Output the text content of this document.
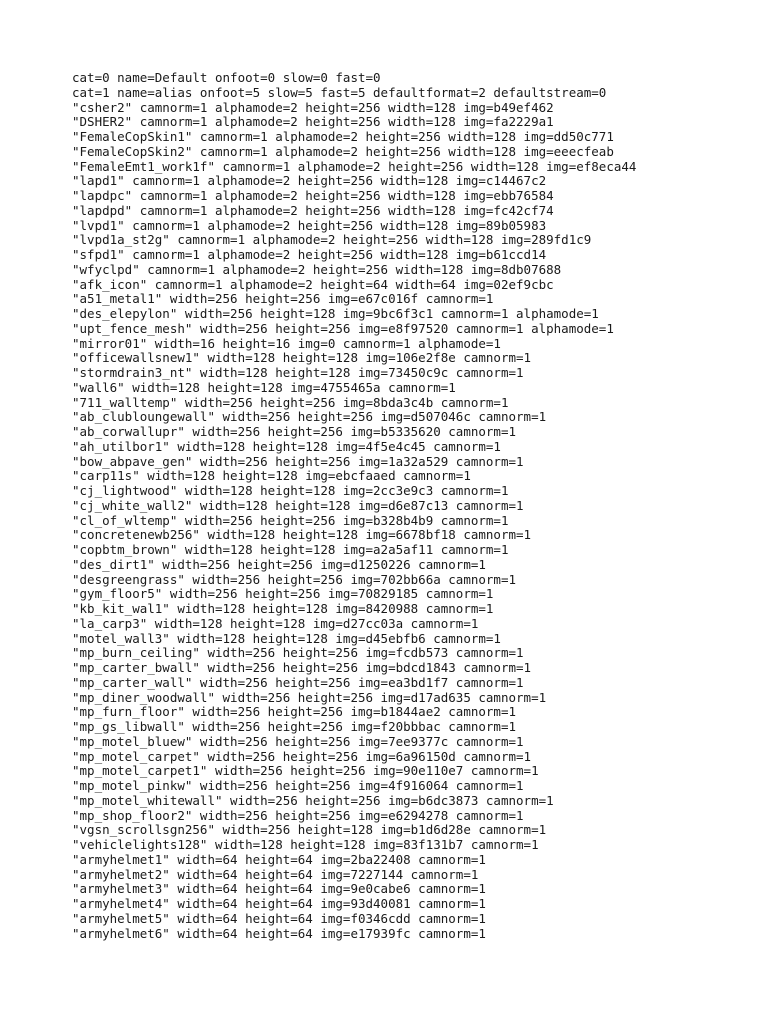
cat=0 name=Default onfoot=0 slow=0 fast=0
cat=1 name=alias onfoot=5 slow=5 fast=5 defaultformat=2 defaultstream=0
"csher2" camnorm=1 alphamode=2 height=256 width=128 img=b49ef462
"DSHER2" camnorm=1 alphamode=2 height=256 width=128 img=fa2229a1
"FemaleCopSkin1" camnorm=1 alphamode=2 height=256 width=128 img=dd50c771
"FemaleCopSkin2" camnorm=1 alphamode=2 height=256 width=128 img=eeecfeab
"FemaleEmt1_work1f" camnorm=1 alphamode=2 height=256 width=128 img=ef8eca44
"lapd1" camnorm=1 alphamode=2 height=256 width=128 img=c14467c2
"lapdpc" camnorm=1 alphamode=2 height=256 width=128 img=ebb76584
"lapdpd" camnorm=1 alphamode=2 height=256 width=128 img=fc42cf74
"lvpd1" camnorm=1 alphamode=2 height=256 width=128 img=89b05983
"lvpd1a_st2g" camnorm=1 alphamode=2 height=256 width=128 img=289fd1c9
"sfpd1" camnorm=1 alphamode=2 height=256 width=128 img=b61ccd14
"wfyclpd" camnorm=1 alphamode=2 height=256 width=128 img=8db07688
"afk_icon" camnorm=1 alphamode=2 height=64 width=64 img=02ef9cbc
"a51_metal1" width=256 height=256 img=e67c016f camnorm=1
"des_elepylon" width=256 height=128 img=9bc6f3c1 camnorm=1 alphamode=1
"upt_fence_mesh" width=256 height=256 img=e8f97520 camnorm=1 alphamode=1
"mirror01" width=16 height=16 img=0 camnorm=1 alphamode=1
"officewallsnew1" width=128 height=128 img=106e2f8e camnorm=1
"stormdrain3_nt" width=128 height=128 img=73450c9c camnorm=1
"wall6" width=128 height=128 img=4755465a camnorm=1
"711_walltemp" width=256 height=256 img=8bda3c4b camnorm=1
"ab_clubloungewall" width=256 height=256 img=d507046c camnorm=1
"ab_corwallupr" width=256 height=256 img=b5335620 camnorm=1
"ah_utilbor1" width=128 height=128 img=4f5e4c45 camnorm=1
"bow_abpave_gen" width=256 height=256 img=1a32a529 camnorm=1
"carp11s" width=128 height=128 img=ebcfaaed camnorm=1
"cj_lightwood" width=128 height=128 img=2cc3e9c3 camnorm=1
"cj_white_wall2" width=128 height=128 img=d6e87c13 camnorm=1
"cl_of_wltemp" width=256 height=256 img=b328b4b9 camnorm=1
"concretenewb256" width=128 height=128 img=6678bf18 camnorm=1
"copbtm_brown" width=128 height=128 img=a2a5af11 camnorm=1
"des_dirt1" width=256 height=256 img=d1250226 camnorm=1
"desgreengrass" width=256 height=256 img=702bb66a camnorm=1
"gym_floor5" width=256 height=256 img=70829185 camnorm=1
"kb_kit_wal1" width=128 height=128 img=8420988 camnorm=1
"la_carp3" width=128 height=128 img=d27cc03a camnorm=1
"motel_wall3" width=128 height=128 img=d45ebfb6 camnorm=1
"mp_burn_ceiling" width=256 height=256 img=fcdb573 camnorm=1
"mp_carter_bwall" width=256 height=256 img=bdcd1843 camnorm=1
"mp_carter_wall" width=256 height=256 img=ea3bd1f7 camnorm=1
"mp_diner_woodwall" width=256 height=256 img=d17ad635 camnorm=1
"mp_furn_floor" width=256 height=256 img=b1844ae2 camnorm=1
"mp_gs_libwall" width=256 height=256 img=f20bbbac camnorm=1
"mp_motel_bluew" width=256 height=256 img=7ee9377c camnorm=1
"mp_motel_carpet" width=256 height=256 img=6a96150d camnorm=1
"mp_motel_carpet1" width=256 height=256 img=90e110e7 camnorm=1
"mp_motel_pinkw" width=256 height=256 img=4f916064 camnorm=1
"mp_motel_whitewall" width=256 height=256 img=b6dc3873 camnorm=1
"mp_shop_floor2" width=256 height=256 img=e6294278 camnorm=1
"vgsn_scrollsgn256" width=256 height=128 img=b1d6d28e camnorm=1
"vehiclelights128" width=128 height=128 img=83f131b7 camnorm=1
"armyhelmet1" width=64 height=64 img=2ba22408 camnorm=1
"armyhelmet2" width=64 height=64 img=7227144 camnorm=1
"armyhelmet3" width=64 height=64 img=9e0cabe6 camnorm=1
"armyhelmet4" width=64 height=64 img=93d40081 camnorm=1
"armyhelmet5" width=64 height=64 img=f0346cdd camnorm=1
"armyhelmet6" width=64 height=64 img=e17939fc camnorm=1
